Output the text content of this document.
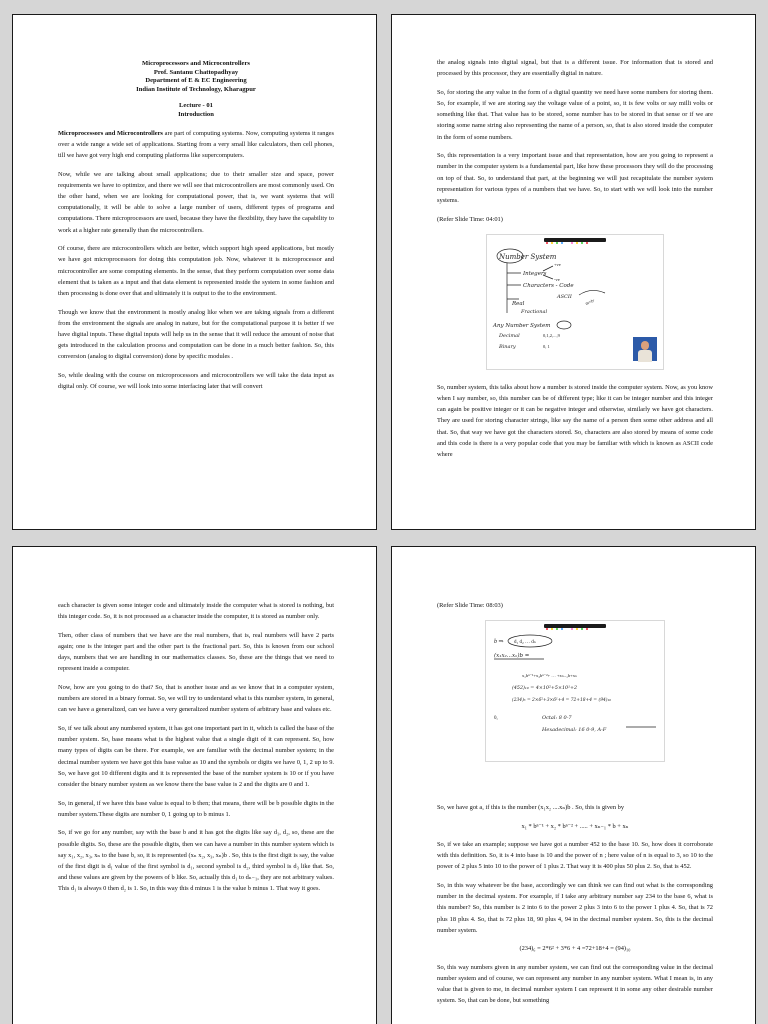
Microprocessors and Microcontrollers
Prof. Santanu Chattopadhyay
Department of E & EC Engineering
Indian Institute of Technology, Kharagpur
Lecture - 01
Introduction

Microprocessors and Microcontrollers are part of computing systems. Now, computing systems it ranges over a wide range a wide set of applications. Starting from a very small like calculators, then cell phones, till we have got very high end computing platforms like supercomputers.

Now, while we are talking about small applications; due to their smaller size and space, power requirements we have to optimize, and there we will see that microcontrollers are most commonly used. On the other hand, when we are looking for computational power, that is, we want systems that will computationally, it will be able to solve a large number of users, different types of programs and computations. There microprocessors are used, because they have the flexibility, they have the capability to work at a higher rate generally than the microcontrollers.

Of course, there are microcontrollers which are better, which support high speed applications, but mostly we have got microprocessors for doing this computation job. Now, whatever it is microprocessor and microcontroller are some computing elements. In the sense, that they perform computation over some data element that is taken as a input and that data element is represented inside the system in some fashion and then processing is done over that and ultimately it is output to the to the environment.

Though we know that the environment is mostly analog like when we are taking signals from a different from the environment the signals are analog in nature, but for the computational purpose it is better if we have digital inputs. These digital inputs will help us in the sense that it will reduce the amount of noise that gets introduced in the calculation process and computation can be done in a much better fashion. So, this conversion (analog to digital conversion) done by specific modules .

So, while dealing with the course on microprocessors and microcontrollers we will take the data input as digital only. Of course, we will look into some interfacing later that will convert

the analog signals into digital signal, but that is a different issue. For information that is stored and processed by this processor, they are essentially digital in nature.

So, for storing the any value in the form of a digital quantity we need have some numbers for storing them. So, for example, if we are storing say the voltage value of a point, so, it is few volts or say milli volts or something like that. That value has to be stored, some number has to be stored in that sense or if we are storing some name string also representing the name of a person, so, that is also stored inside the computer in the form of some numbers.

So, this representation is a very important issue and that representation, how are you going to represent a number in the computer system is a fundamental part, like how these processors they will do the processing on top of that. So, to understand that part, at the beginning we will just recapitulate the number system representation for various types of a numbers that we have. So, to start with we will look into the number systems.

(Refer Slide Time: 04:01)

Number System
Integers
+ve
-ve
Characters - Code
ASCII
Real
Fractional
m×bᵉ
Any Number System
Decimal	0,1,2,...,9
Binary	0, 1

So, number system, this talks about how a number is stored inside the computer system. Now, as you know when I say number, so, this number can be of different type; like it can be integer number and this integer can again be positive integer or it can be negative integer and otherwise, similarly we have got characters. They are used for storing character strings, like say the name of a person then some other address and all that. So, that way we have got the characters stored. So, characters are also stored by means of some code and this code is there is a very popular code that you may be familiar with which is known as ASCII code where

each character is given some integer code and ultimately inside the computer what is stored is nothing, but this integer code. So, it is not processed as a character inside the computer, it is stored as number only.

Then, other class of numbers that we have are the real numbers, that is, real numbers will have 2 parts again; one is the integer part and the other part is the fractional part. So, this is known from our school days, numbers that we are handling in our mathematics classes. So, these are the things that we need to represent inside a computer.

Now, how are you going to do that? So, that is another issue and as we know that in a computer system, numbers are stored in a binary format. So, we will try to understand what is this number system, in general, can we have a generalized, can we have a very generalized number system of arbitrary base and values etc.

So, if we talk about any numbered system, it has got one important part in it, which is called the base of the number system. So, base means what is the highest value that a single digit of it can represent. So, how many types of digits can be there. For example, we are familiar with the decimal number system; in the decimal number system we have got this base value as 10 and the symbols or digits we have 0, 1, 2 up to 9. So, we have got 10 different digits and it is represented the base of the number system is 10 or if you have consider the binary number system as we know there the base value is 2 and the digits are 0 and 1.

So, in general, if we have this base value is equal to b then; that means, there will be b possible digits in the number system.These digits are number 0, 1 going up to b minus 1.

So, if we go for any number, say with the base b and it has got the digits like say d₁, d₂, so, these are the possible digits. So, these are the possible digits, then we can have a number in this number system which is say x₁, x₂, x₃, xₙ to the base b, so, it is represented (xₙ x₂, x₃, xₙ)b . So, this is the first digit is say, the value of the first digit is d₁ value of the first symbol is d₁, second symbol is d₂, third symbol is d₃ like that. So, and these values are given by the powers of b like. So, actually this d₁ to dₙ₋₁, they are not arbitrary values. This d₁ is always 0 then d₂ is 1. So, in this way this d minus 1 is the value b minus 1. That way it goes.

(Refer Slide Time: 08:03)

b ⇒ d₁ d₂ … dₙ
(x₁x₂...xₙ)b =
x₁bⁿ⁻¹+x₂bⁿ⁻²+ … +xₙ₋₁b+xₙ
(452)₁₀ = 4×10²+5×10¹+2
(234)₆ = 2×6²+3×6¹+4 = 72+18+4 = (94)₁₀
0,	Octal: 8 0-7
Hexadecimal: 16 0-9, A-F

So, we have got a, if this is the number (x₁x₂ ....xₙ)b . So, this is given by

x₁ * bⁿ⁻¹ + x₂ * bⁿ⁻² + ..... + xₙ₋₁ * b + xₙ

So, if we take an example; suppose we have got a number 452 to the base 10. So, how does it corroborate with this definition. So, it is 4 into base is 10 and the power of n ; here value of n is equal to 3, so 10 to the power of 2 plus 5 into 10 to the power of 1 plus 2. That way it is 400 plus 50 plus 2. So, that is 452.

So, in this way whatever be the base, accordingly we can think we can find out what is the corresponding number in the decimal system. For example, if I take any arbitrary number say 234 to the base 6, what is this number? So, this number is 2 into 6 to the power 2 plus 3 into 6 to the power 1 plus 4. So, that is 72 plus 18 plus 4. So, that is 72 plus 18, 90 plus 4, 94 in the decimal number system. So, this is the decimal number system.

(234)₆ = 2*6² + 3*6 + 4 =72+18+4 = (94)₁₀

So, this way numbers given in any number system, we can find out the corresponding value in the decimal number system and of course, we can represent any number in any number system. What I mean is, in any value that is given to me, in decimal number system I can represent it in some any other desirable number system. So, that can be done, but something
